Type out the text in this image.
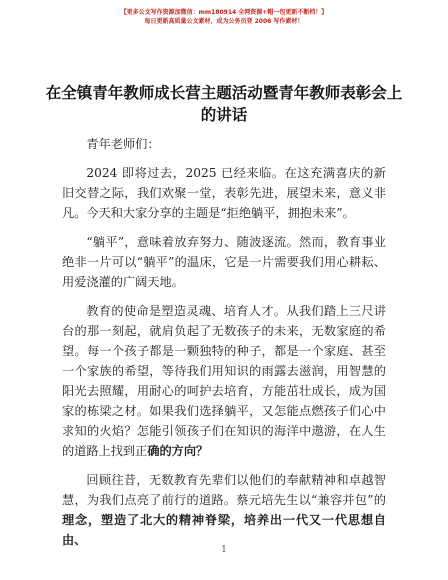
【更多公文写作资源加微信：mm180914 全网资源+帽一包更新不断档！】
每日更新高质量公文素材，成为公务员登 2006 写作素材！
在全镇青年教师成长营主题活动暨青年教师表彰会上的讲话

青年老师们：

2024 即将过去，2025 已经来临。在这充满喜庆的新旧交替之际，我们欢聚一堂，表彰先进，展望未来，意义非凡。今天和大家分享的主题是“拒绝躺平，拥抱未来”。

“躺平”，意味着放弃努力、随波逐流。然而，教育事业绝非一片可以“躺平”的温床，它是一片需要我们用心耕耘、用爱浇灌的广阔天地。

教育的使命是塑造灵魂、培育人才。从我们踏上三尺讲台的那一刻起，就肩负起了无数孩子的未来，无数家庭的希望。每一个孩子都是一颗独特的种子，都是一个家庭、甚至一个家族的希望，等待我们用知识的雨露去滋润，用智慧的阳光去照耀，用耐心的呵护去培育，方能茁壮成长，成为国家的栋梁之材。如果我们选择躺平，又怎能点燃孩子们心中求知的火焰？怎能引领孩子们在知识的海洋中遨游，在人生的道路上找到正确的方向？

回顾往昔，无数教育先辈们以他们的奉献精神和卓越智慧，为我们点亮了前行的道路。蔡元培先生以“兼容并包”的理念，塑造了北大的精神脊梁，培养出一代又一代思想自由、

1
